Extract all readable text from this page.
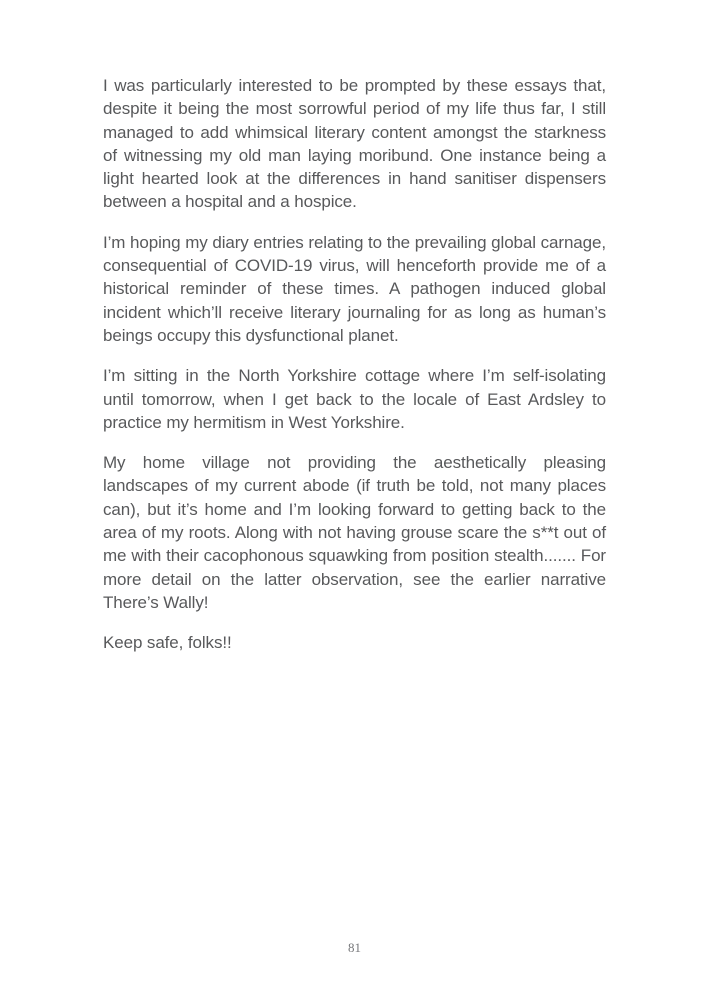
I was particularly interested to be prompted by these essays that, despite it being the most sorrowful period of my life thus far, I still managed to add whimsical literary content amongst the starkness of witnessing my old man laying moribund. One instance being a light hearted look at the differences in hand sanitiser dispensers between a hospital and a hospice.

I’m hoping my diary entries relating to the prevailing global carnage, consequential of COVID-19 virus, will henceforth provide me of a historical reminder of these times. A pathogen induced global incident which’ll receive literary journaling for as long as human’s beings occupy this dysfunctional planet.

I’m sitting in the North Yorkshire cottage where I’m self-isolating until tomorrow, when I get back to the locale of East Ardsley to practice my hermitism in West Yorkshire.

My home village not providing the aesthetically pleasing landscapes of my current abode (if truth be told, not many places can), but it’s home and I’m looking forward to getting back to the area of my roots. Along with not having grouse scare the s**t out of me with their cacophonous squawking from position stealth....... For more detail on the latter observation, see the earlier narrative There’s Wally!

Keep safe, folks!!

81
